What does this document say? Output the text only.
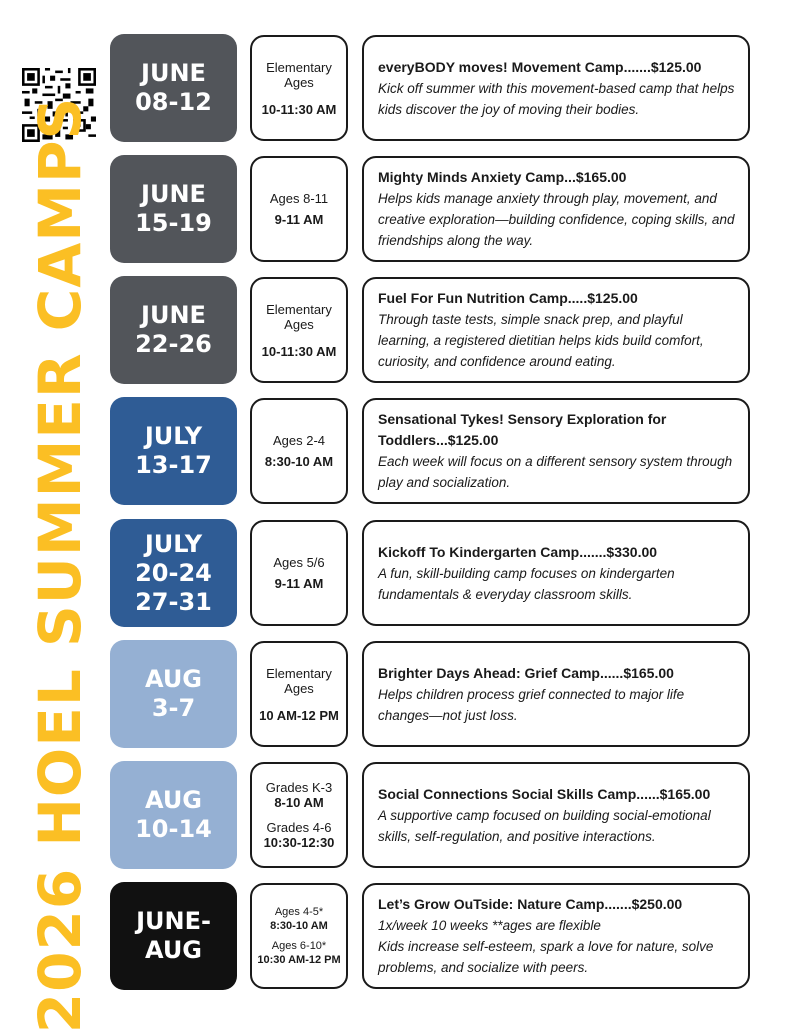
2026 HOEL SUMMER CAMPS
JUNE
08-12
Elementary Ages
10-11:30 AM
everyBODY moves! Movement Camp.......$125.00
Kick off summer with this movement-based camp that helps kids discover the joy of moving their bodies.
JUNE
15-19
Ages 8-11
9-11 AM
Mighty Minds Anxiety Camp...$165.00
Helps kids manage anxiety through play, movement, and creative exploration—building confidence, coping skills, and friendships along the way.
JUNE
22-26
Elementary Ages
10-11:30 AM
Fuel For Fun Nutrition Camp.....$125.00
Through taste tests, simple snack prep, and playful learning, a registered dietitian helps kids build comfort, curiosity, and confidence around eating.
JULY
13-17
Ages 2-4
8:30-10 AM
Sensational Tykes! Sensory Exploration for Toddlers...$125.00
Each week will focus on a different sensory system through play and socialization.
JULY
20-24
27-31
Ages 5/6
9-11 AM
Kickoff To Kindergarten Camp.......$330.00
A fun, skill-building camp focuses on kindergarten fundamentals & everyday classroom skills.
AUG
3-7
Elementary Ages
10 AM-12 PM
Brighter Days Ahead: Grief Camp......$165.00
Helps children process grief connected to major life changes—not just loss.
AUG
10-14
Grades K-3
8-10 AM
Grades 4-6
10:30-12:30
Social Connections Social Skills Camp......$165.00
A supportive camp focused on building social-emotional skills, self-regulation, and positive interactions.
JUNE-
AUG
Ages 4-5*
8:30-10 AM
Ages 6-10*
10:30 AM-12 PM
Let’s Grow OuTside: Nature Camp.......$250.00
1x/week 10 weeks **ages are flexible
Kids increase self-esteem, spark a love for nature, solve problems, and socialize with peers.
